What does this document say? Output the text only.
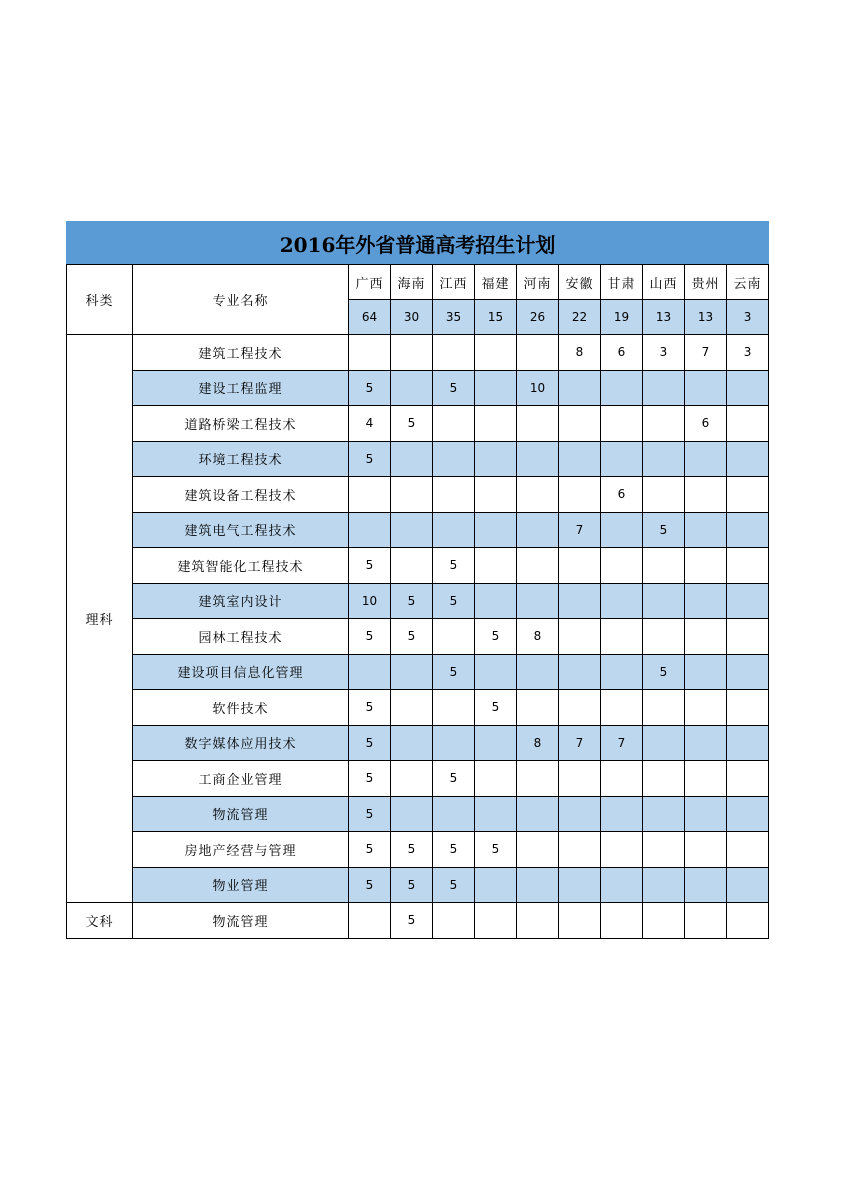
2016年外省普通高考招生计划											
科类	专业名称	广西	海南	江西	福建	河南	安徽	甘肃	山西	贵州	云南
		64	30	35	15	26	22	19	13	13	3
理科	建筑工程技术						8	6	3	7	3
	建设工程监理	5		5		10					
	道路桥梁工程技术	4	5							6	
	环境工程技术	5									
	建筑设备工程技术							6			
	建筑电气工程技术						7		5		
	建筑智能化工程技术	5		5							
	建筑室内设计	10	5	5							
	园林工程技术	5	5		5	8					
	建设项目信息化管理			5					5		
	软件技术	5			5						
	数字媒体应用技术	5				8	7	7			
	工商企业管理	5		5							
	物流管理	5									
	房地产经营与管理	5	5	5	5						
	物业管理	5	5	5							
文科	物流管理		5								
